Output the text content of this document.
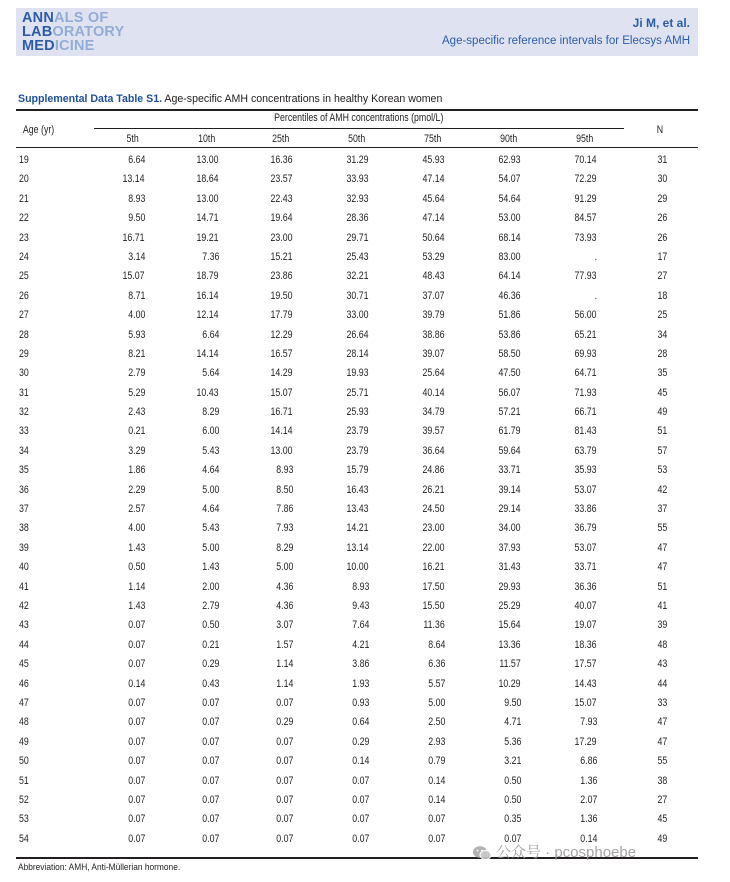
ANNALS OF
LABORATORY
MEDICINE
Ji M, et al.
Age-specific reference intervals for Elecsys AMH
Supplemental Data Table S1. Age-specific AMH concentrations in healthy Korean women
Age (yr)
Percentiles of AMH concentrations (pmol/L)
N
5th	10th	25th	50th	75th	90th	95th
19	6.64	13.00	16.36	31.29	45.93	62.93	70.14	31
20	13.14	18.64	23.57	33.93	47.14	54.07	72.29	30
21	8.93	13.00	22.43	32.93	45.64	54.64	91.29	29
22	9.50	14.71	19.64	28.36	47.14	53.00	84.57	26
23	16.71	19.21	23.00	29.71	50.64	68.14	73.93	26
24	3.14	7.36	15.21	25.43	53.29	83.00	.	17
25	15.07	18.79	23.86	32.21	48.43	64.14	77.93	27
26	8.71	16.14	19.50	30.71	37.07	46.36	.	18
27	4.00	12.14	17.79	33.00	39.79	51.86	56.00	25
28	5.93	6.64	12.29	26.64	38.86	53.86	65.21	34
29	8.21	14.14	16.57	28.14	39.07	58.50	69.93	28
30	2.79	5.64	14.29	19.93	25.64	47.50	64.71	35
31	5.29	10.43	15.07	25.71	40.14	56.07	71.93	45
32	2.43	8.29	16.71	25.93	34.79	57.21	66.71	49
33	0.21	6.00	14.14	23.79	39.57	61.79	81.43	51
34	3.29	5.43	13.00	23.79	36.64	59.64	63.79	57
35	1.86	4.64	8.93	15.79	24.86	33.71	35.93	53
36	2.29	5.00	8.50	16.43	26.21	39.14	53.07	42
37	2.57	4.64	7.86	13.43	24.50	29.14	33.86	37
38	4.00	5.43	7.93	14.21	23.00	34.00	36.79	55
39	1.43	5.00	8.29	13.14	22.00	37.93	53.07	47
40	0.50	1.43	5.00	10.00	16.21	31.43	33.71	47
41	1.14	2.00	4.36	8.93	17.50	29.93	36.36	51
42	1.43	2.79	4.36	9.43	15.50	25.29	40.07	41
43	0.07	0.50	3.07	7.64	11.36	15.64	19.07	39
44	0.07	0.21	1.57	4.21	8.64	13.36	18.36	48
45	0.07	0.29	1.14	3.86	6.36	11.57	17.57	43
46	0.14	0.43	1.14	1.93	5.57	10.29	14.43	44
47	0.07	0.07	0.07	0.93	5.00	9.50	15.07	33
48	0.07	0.07	0.29	0.64	2.50	4.71	7.93	47
49	0.07	0.07	0.07	0.29	2.93	5.36	17.29	47
50	0.07	0.07	0.07	0.14	0.79	3.21	6.86	55
51	0.07	0.07	0.07	0.07	0.14	0.50	1.36	38
52	0.07	0.07	0.07	0.07	0.14	0.50	2.07	27
53	0.07	0.07	0.07	0.07	0.07	0.35	1.36	45
54	0.07	0.07	0.07	0.07	0.07	0.07	0.14	49
Abbreviation: AMH, Anti-Müllerian hormone.
公众号 · pcosphoebe
